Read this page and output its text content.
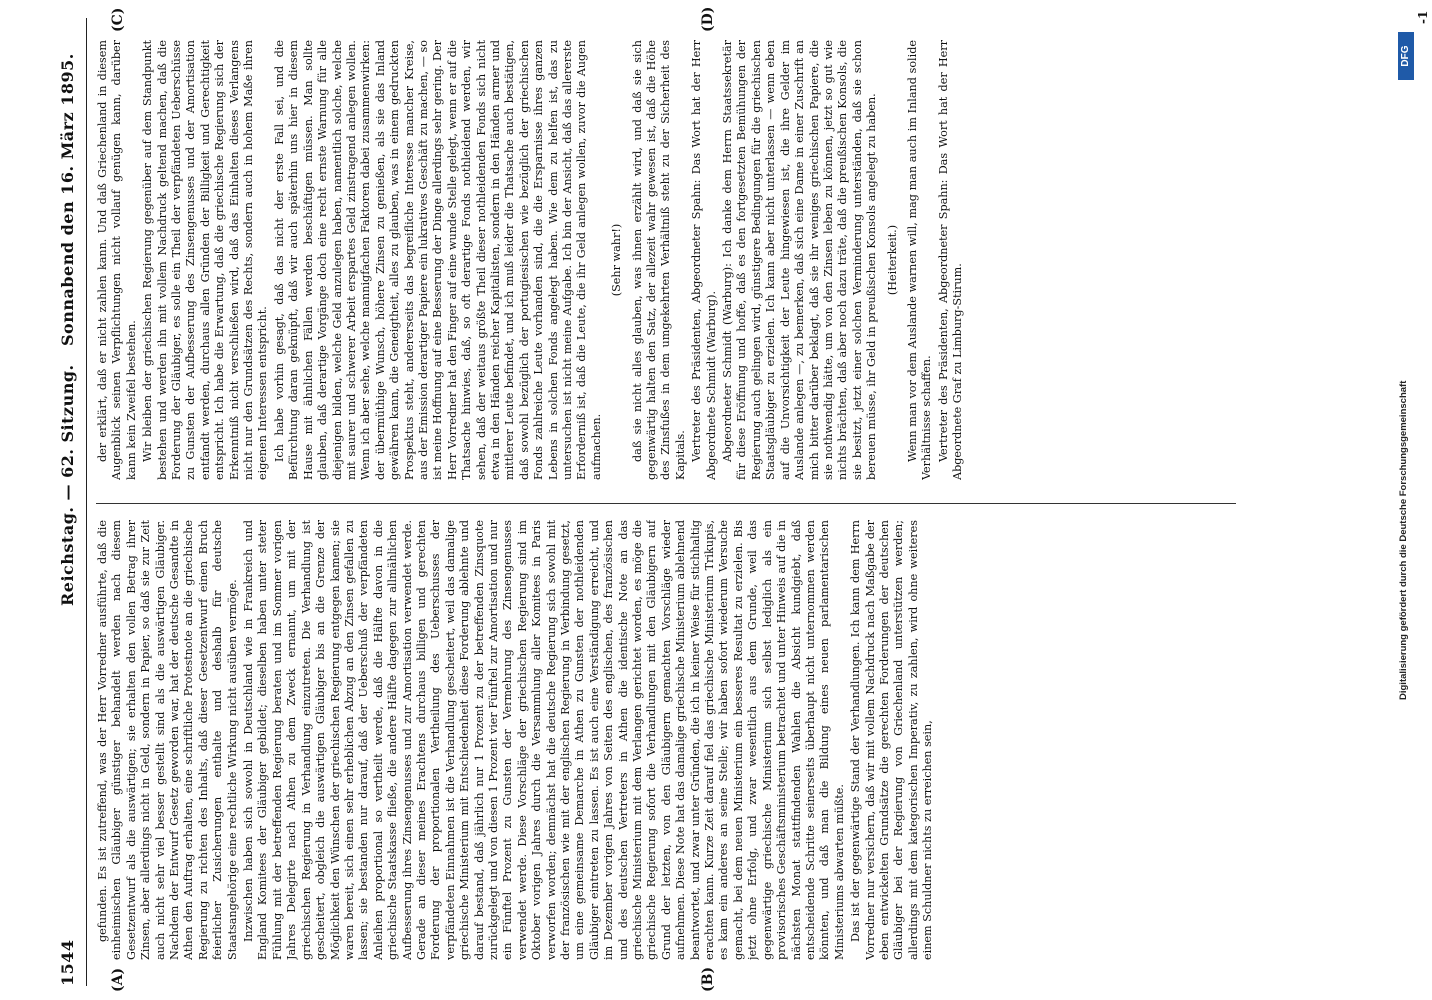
1544
Reichstag. — 62. Sitzung.
Sonnabend den 16. März 1895.
(A)	(B)
(C)	(D)

gefunden. Es ist zutreffend, was der Herr Vorredner ausführte, daß die einheimischen Gläubiger günstiger behandelt werden nach diesem Gesetzentwurf als die auswärtigen; sie erhalten den vollen Betrag ihrer Zinsen, aber allerdings nicht in Geld, sondern in Papier, so daß sie zur Zeit auch nicht sehr viel besser gestellt sind als die auswärtigen Gläubiger. Nachdem der Entwurf Gesetz geworden war, hat der deutsche Gesandte in Athen den Auftrag erhalten, eine schriftliche Protestnote an die griechische Regierung zu richten des Inhalts, daß dieser Gesetzentwurf einen Bruch feierlicher Zusicherungen enthalte und deshalb für deutsche Staatsangehörige eine rechtliche Wirkung nicht ausüben vermöge. Inzwischen haben sich sowohl in Deutschland wie in Frankreich und England Komitees der Gläubiger gebildet; dieselben haben unter steter Fühlung mit der betreffenden Regierung beraten und im Sommer vorigen Jahres Delegirte nach Athen zu dem Zweck ernannt, um mit der griechischen Regierung in Verhandlung einzutreten. Die Verhandlung ist gescheitert, obgleich die auswärtigen Gläubiger bis an die Grenze der Möglichkeit den Wünschen der griechischen Regierung entgegen kamen; sie waren bereit, sich einen sehr erheblichen Abzug an den Zinsen gefallen zu lassen; sie bestanden nur darauf, daß der Ueberschuß der verpfändeten Anleihen proportional so vertheilt werde, daß die Hälfte davon in die griechische Staatskasse fließe, die andere Hälfte dagegen zur allmählichen Aufbesserung ihres Zinsengenusses und zur Amortisation verwendet werde. Gerade an dieser meines Erachtens durchaus billigen und gerechten Forderung der proportionalen Vertheilung des Ueberschusses der verpfändeten Einnahmen ist die Verhandlung gescheitert, weil das damalige griechische Ministerium mit Entschiedenheit diese Forderung ablehnte und darauf bestand, daß jährlich nur 1 Prozent zu der betreffenden Zinsquote zurückgelegt und von diesen 1 Prozent vier Fünftel zur Amortisation und nur ein Fünftel Prozent zu Gunsten der Vermehrung des Zinsengenusses verwendet werde. Diese Vorschläge der griechischen Regierung sind im Oktober vorigen Jahres durch die Versammlung aller Komitees in Paris verworfen worden; demnächst hat die deutsche Regierung sich sowohl mit der französischen wie mit der englischen Regierung in Verbindung gesetzt, um eine gemeinsame Demarche in Athen zu Gunsten der nothleidenden Gläubiger eintreten zu lassen. Es ist auch eine Verständigung erreicht, und im Dezember vorigen Jahres von Seiten des englischen, des französischen und des deutschen Vertreters in Athen die identische Note an das griechische Ministerium mit dem Verlangen gerichtet worden, es möge die griechische Regierung sofort die Verhandlungen mit den Gläubigern auf Grund der letzten, von den Gläubigern gemachten Vorschläge wieder aufnehmen. Diese Note hat das damalige griechische Ministerium ablehnend beantwortet, und zwar unter Gründen, die ich in keiner Weise für stichhaltig erachten kann. Kurze Zeit darauf fiel das griechische Ministerium Trikupis, es kam ein anderes an seine Stelle; wir haben sofort wiederum Versuche gemacht, bei dem neuen Ministerium ein besseres Resultat zu erzielen. Bis jetzt ohne Erfolg, und zwar wesentlich aus dem Grunde, weil das gegenwärtige griechische Ministerium sich selbst lediglich als ein provisorisches Geschäftsministerium betrachtet und unter Hinweis auf die in nächsten Monat stattfindenden Wahlen die Absicht kundgiebt, daß entscheidende Schritte seinerseits überhaupt nicht unternommen werden könnten, und daß man die Bildung eines neuen parlamentarischen Ministeriums abwarten müßte. Das ist der gegenwärtige Stand der Verhandlungen. Ich kann dem Herrn Vorredner nur versichern, daß wir mit vollem Nachdruck nach Maßgabe der eben entwickelten Grundsätze die gerechten Forderungen der deutschen Gläubiger bei der Regierung von Griechenland unterstützen werden; allerdings mit dem kategorischen Imperativ, zu zahlen, wird ohne weiteres einem Schuldner nichts zu erreichen sein,

der erklärt, daß er nicht zahlen kann. Und daß Griechenland in diesem Augenblick seinen Verpflichtungen nicht vollauf genügen kann, darüber kann kein Zweifel bestehen. Wir bleiben der griechischen Regierung gegenüber auf dem Standpunkt bestehen und werden ihn mit vollem Nachdruck geltend machen, daß die Forderung der Gläubiger, es solle ein Theil der verpfändeten Ueberschüsse zu Gunsten der Aufbesserung des Zinsengenusses und der Amortisation entfandt werden, durchaus allen Gründen der Billigkeit und Gerechtigkeit entspricht. Ich habe die Erwartung, daß die griechische Regierung sich der Erkenntniß nicht verschließen wird, daß das Einhalten dieses Verlangens nicht nur den Grundsätzen des Rechts, sondern auch in hohem Maße ihren eigenen Interessen entspricht. Ich habe vorhin gesagt, daß das nicht der erste Fall sei, und die Befürchtung daran geknüpft, daß wir auch späterhin uns hier in diesem Hause mit ähnlichen Fällen werden beschäftigen müssen. Man sollte glauben, daß derartige Vorgänge doch eine recht ernste Warnung für alle diejenigen bilden, welche Geld anzulegen haben, namentlich solche, welche mit saurer und schwerer Arbeit erspartes Geld zinstragend anlegen wollen. Wenn ich aber sehe, welche mannigfachen Faktoren dabei zusammenwirken: der übermüthige Wunsch, höhere Zinsen zu genießen, als sie das Inland gewähren kann, die Geneigtheit, alles zu glauben, was in einem gedruckten Prospektus steht, andererseits das begreifliche Interesse mancher Kreise, aus der Emission derartiger Papiere ein lukratives Geschäft zu machen, — so ist meine Hoffnung auf eine Besserung der Dinge allerdings sehr gering. Der Herr Vorredner hat den Finger auf eine wunde Stelle gelegt, wenn er auf die Thatsache hinwies, daß, so oft derartige Fonds nothleidend werden, wir sehen, daß der weitaus größte Theil dieser nothleidenden Fonds sich nicht etwa in den Händen reicher Kapitalisten, sondern in den Händen armer und mittlerer Leute befindet, und ich muß leider die Thatsache auch bestätigen, daß sowohl bezüglich der portugiesischen wie bezüglich der griechischen Fonds zahlreiche Leute vorhanden sind, die die Ersparnisse ihres ganzen Lebens in solchen Fonds angelegt haben. Wie dem zu helfen ist, das zu untersuchen ist nicht meine Aufgabe. Ich bin der Ansicht, daß das allererste Erforderniß ist, daß die Leute, die ihr Geld anlegen wollen, zuvor die Augen aufmachen.

(Sehr wahr!) daß sie nicht alles glauben, was ihnen erzählt wird, und daß sie sich gegenwärtig halten den Satz, der allezeit wahr gewesen ist, daß die Höhe des Zinsfußes in dem umgekehrten Verhältniß steht zu der Sicherheit des Kapitals. Vertreter des Präsidenten, Abgeordneter Spahn: Das Wort hat der Herr Abgeordnete Schmidt (Warburg). Abgeordneter Schmidt (Warburg): Ich danke dem Herrn Staatssekretär für diese Eröffnung und hoffe, daß es den fortgesetzten Bemühungen der Regierung auch gelingen wird, günstigere Bedingungen für die griechischen Staatsgläubiger zu erzielen. Ich kann aber nicht unterlassen — wenn eben auf die Unvorsichtigkeit der Leute hingewiesen ist, die ihre Gelder im Auslande anlegen —, zu bemerken, daß sich eine Dame in einer Zuschrift an mich bitter darüber beklagt, daß sie ihr weniges griechischen Papiere, die sie nothwendig hätte, um von den Zinsen leben zu können, jetzt so gut wie nichts brächten, daß aber noch dazu träte, daß die preußischen Konsols, die sie besitzt, jetzt einer solchen Verminderung unterständen, daß sie schon bereuen müsse, ihr Geld in preußischen Konsols angelegt zu haben. (Heiterkeit.) Wenn man vor dem Auslande warnen will, mag man auch im Inland solide Verhältnisse schaffen. Vertreter des Präsidenten, Abgeordneter Spahn: Das Wort hat der Herr Abgeordnete Graf zu Limburg-Stirum.

Digitalisierung gefördert durch die Deutsche Forschungsgemeinschaft
DFG
-1
